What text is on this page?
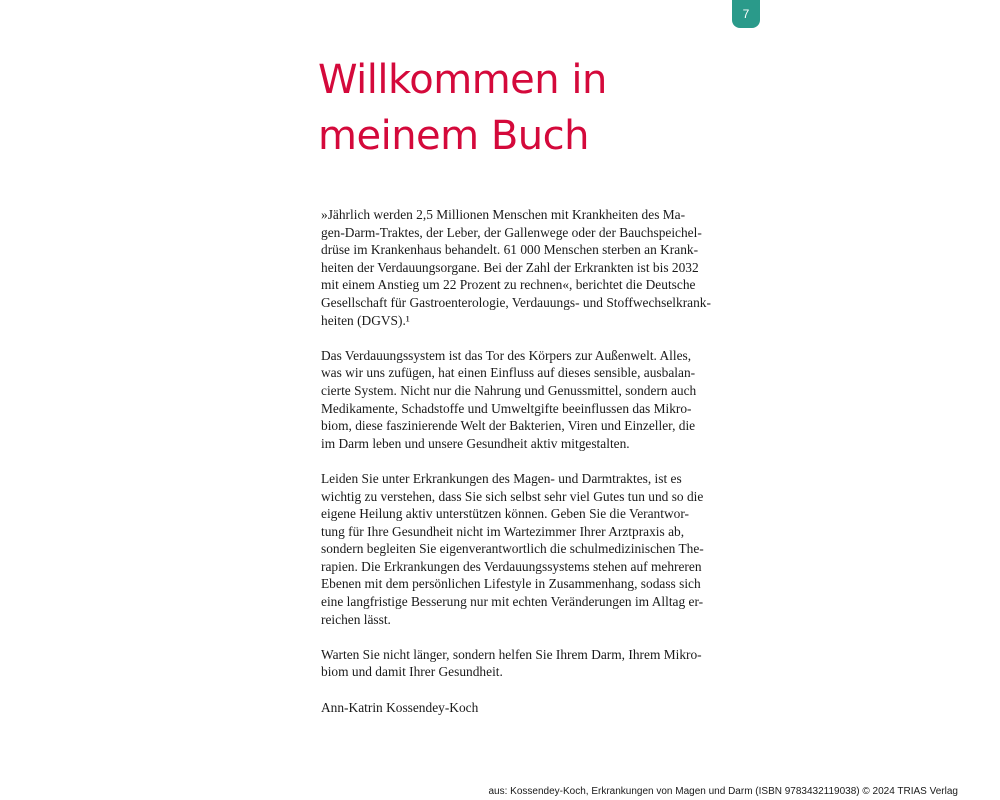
7
Willkommen in
meinem Buch

»Jährlich werden 2,5 Millionen Menschen mit Krankheiten des Ma-
gen-Darm-Traktes, der Leber, der Gallenwege oder der Bauchspeichel-
drüse im Krankenhaus behandelt. 61 000 Menschen sterben an Krank-
heiten der Verdauungsorgane. Bei der Zahl der Erkrankten ist bis 2032
mit einem Anstieg um 22 Prozent zu rechnen«, berichtet die Deutsche
Gesellschaft für Gastroenterologie, Verdauungs- und Stoffwechselkrank-
heiten (DGVS).¹

Das Verdauungssystem ist das Tor des Körpers zur Außenwelt. Alles,
was wir uns zufügen, hat einen Einfluss auf dieses sensible, ausbalan-
cierte System. Nicht nur die Nahrung und Genussmittel, sondern auch
Medikamente, Schadstoffe und Umweltgifte beeinflussen das Mikro-
biom, diese faszinierende Welt der Bakterien, Viren und Einzeller, die
im Darm leben und unsere Gesundheit aktiv mitgestalten.

Leiden Sie unter Erkrankungen des Magen- und Darmtraktes, ist es
wichtig zu verstehen, dass Sie sich selbst sehr viel Gutes tun und so die
eigene Heilung aktiv unterstützen können. Geben Sie die Verantwor-
tung für Ihre Gesundheit nicht im Wartezimmer Ihrer Arztpraxis ab,
sondern begleiten Sie eigenverantwortlich die schulmedizinischen The-
rapien. Die Erkrankungen des Verdauungssystems stehen auf mehreren
Ebenen mit dem persönlichen Lifestyle in Zusammenhang, sodass sich
eine langfristige Besserung nur mit echten Veränderungen im Alltag er-
reichen lässt.

Warten Sie nicht länger, sondern helfen Sie Ihrem Darm, Ihrem Mikro-
biom und damit Ihrer Gesundheit.

Ann-Katrin Kossendey-Koch

aus: Kossendey-Koch, Erkrankungen von Magen und Darm (ISBN 9783432119038) © 2024 TRIAS Verlag
